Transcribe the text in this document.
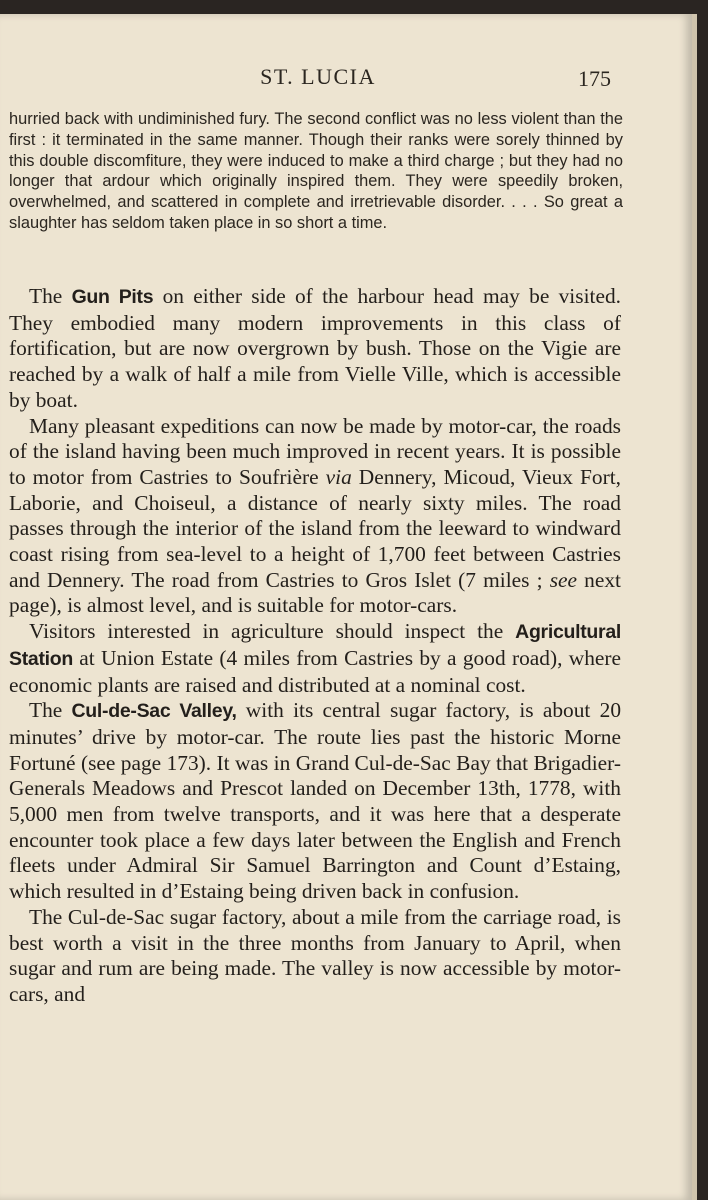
ST. LUCIA	175
hurried back with undiminished fury. The second conflict was no less violent than the first : it terminated in the same manner. Though their ranks were sorely thinned by this double discomfiture, they were induced to make a third charge ; but they had no longer that ardour which originally inspired them. They were speedily broken, overwhelmed, and scattered in complete and irretrievable disorder. . . . So great a slaughter has seldom taken place in so short a time.

The Gun Pits on either side of the harbour head may be visited. They embodied many modern improvements in this class of fortification, but are now overgrown by bush. Those on the Vigie are reached by a walk of half a mile from Vielle Ville, which is accessible by boat.

Many pleasant expeditions can now be made by motor-car, the roads of the island having been much improved in recent years. It is possible to motor from Castries to Soufrière via Dennery, Micoud, Vieux Fort, Laborie, and Choiseul, a distance of nearly sixty miles. The road passes through the interior of the island from the leeward to windward coast rising from sea-level to a height of 1,700 feet between Castries and Dennery. The road from Castries to Gros Islet (7 miles ; see next page), is almost level, and is suitable for motor-cars.

Visitors interested in agriculture should inspect the Agricultural Station at Union Estate (4 miles from Castries by a good road), where economic plants are raised and distributed at a nominal cost.

The Cul-de-Sac Valley, with its central sugar factory, is about 20 minutes’ drive by motor-car. The route lies past the historic Morne Fortuné (see page 173). It was in Grand Cul-de-Sac Bay that Brigadier-Generals Meadows and Prescot landed on December 13th, 1778, with 5,000 men from twelve transports, and it was here that a desperate encounter took place a few days later between the English and French fleets under Admiral Sir Samuel Barrington and Count d’Estaing, which resulted in d’Estaing being driven back in confusion.

The Cul-de-Sac sugar factory, about a mile from the carriage road, is best worth a visit in the three months from January to April, when sugar and rum are being made. The valley is now accessible by motor-cars, and
